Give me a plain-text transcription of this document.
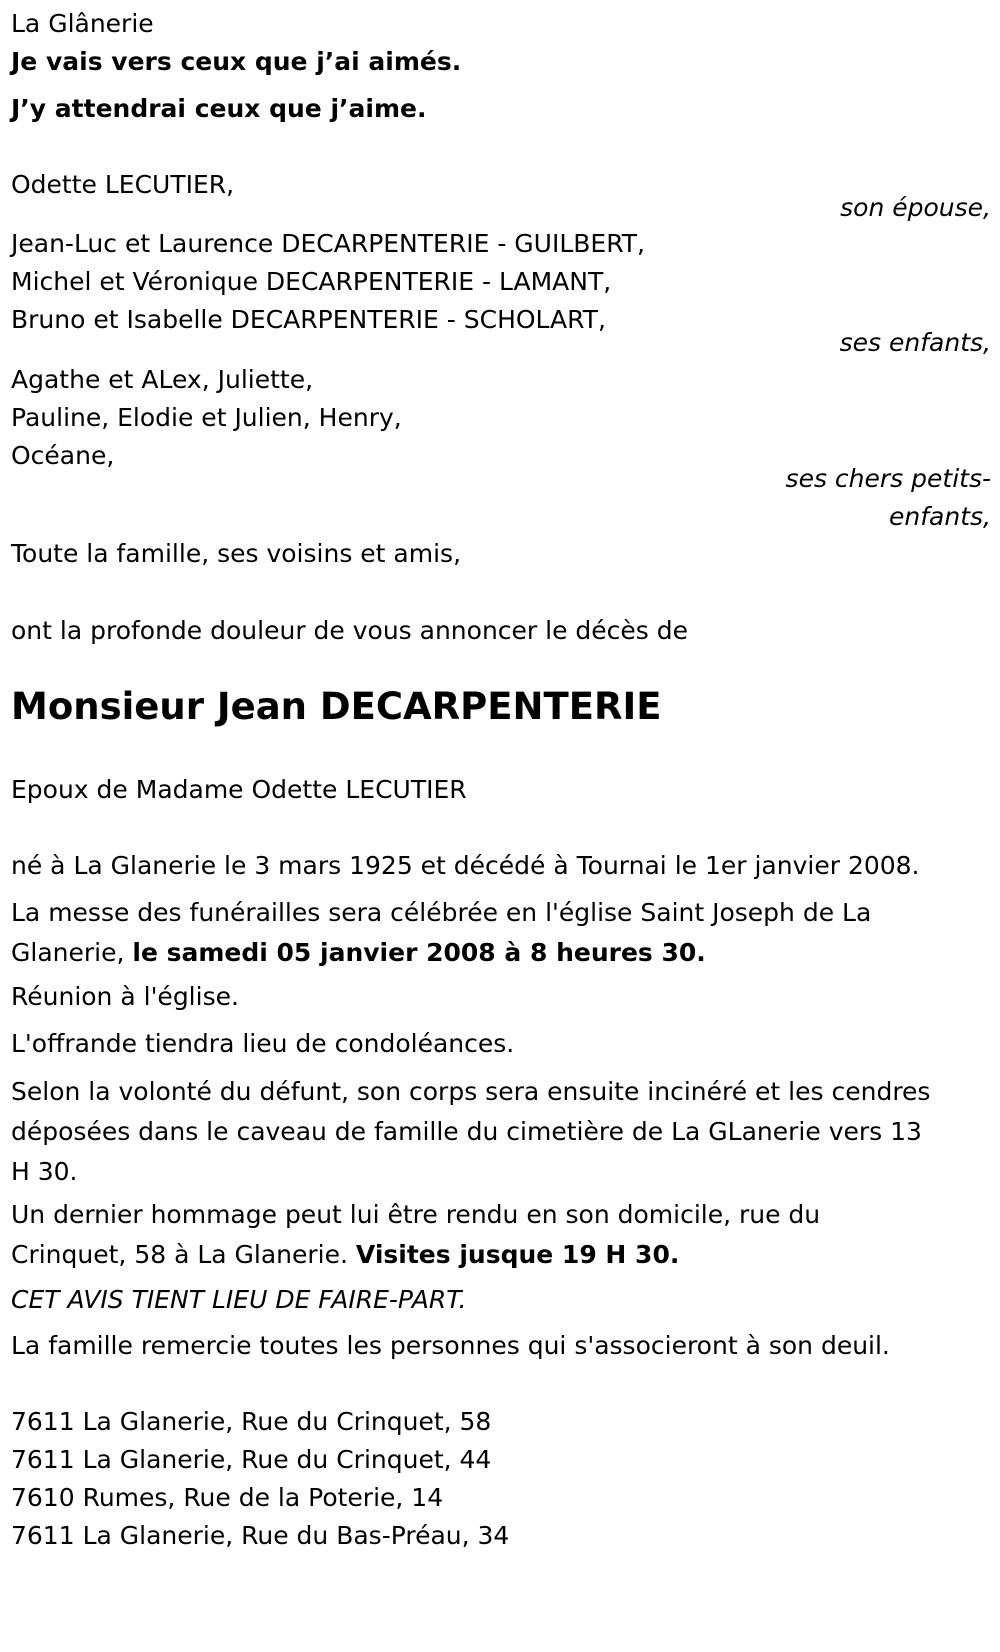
La Glânerie
Je vais vers ceux que j’ai aimés.
J’y attendrai ceux que j’aime.
Odette LECUTIER,
son épouse,
Jean-Luc et Laurence DECARPENTERIE - GUILBERT,
Michel et Véronique DECARPENTERIE - LAMANT,
Bruno et Isabelle DECARPENTERIE - SCHOLART,
ses enfants,
Agathe et ALex, Juliette,
Pauline, Elodie et Julien, Henry,
Océane,
ses chers petits-
enfants,
Toute la famille, ses voisins et amis,
ont la profonde douleur de vous annoncer le décès de
Monsieur Jean DECARPENTERIE
Epoux de Madame Odette LECUTIER
né à La Glanerie le 3 mars 1925 et décédé à Tournai le 1er janvier 2008.
La messe des funérailles sera célébrée en l'église Saint Joseph de La Glanerie, le samedi 05 janvier 2008 à 8 heures 30.
Réunion à l'église.
L'offrande tiendra lieu de condoléances.
Selon la volonté du défunt, son corps sera ensuite incinéré et les cendres déposées dans le caveau de famille du cimetière de La GLanerie vers 13 H 30.
Un dernier hommage peut lui être rendu en son domicile, rue du Crinquet, 58 à La Glanerie. Visites jusque 19 H 30.
CET AVIS TIENT LIEU DE FAIRE-PART.
La famille remercie toutes les personnes qui s'associeront à son deuil.
7611 La Glanerie, Rue du Crinquet, 58
7611 La Glanerie, Rue du Crinquet, 44
7610 Rumes, Rue de la Poterie, 14
7611 La Glanerie, Rue du Bas-Préau, 34
